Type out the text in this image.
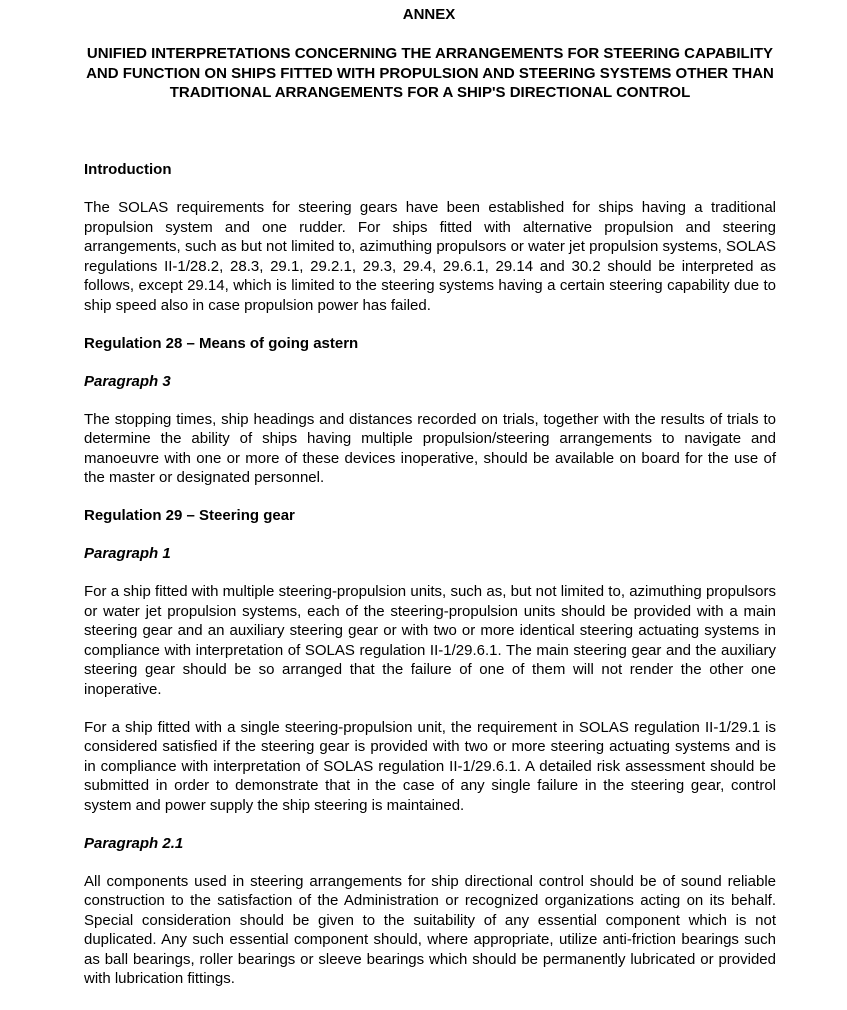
ANNEX

UNIFIED INTERPRETATIONS CONCERNING THE ARRANGEMENTS FOR STEERING CAPABILITY AND FUNCTION ON SHIPS FITTED WITH PROPULSION AND STEERING SYSTEMS OTHER THAN TRADITIONAL ARRANGEMENTS FOR A SHIP'S DIRECTIONAL CONTROL

Introduction

The SOLAS requirements for steering gears have been established for ships having a traditional propulsion system and one rudder. For ships fitted with alternative propulsion and steering arrangements, such as but not limited to, azimuthing propulsors or water jet propulsion systems, SOLAS regulations II-1/28.2, 28.3, 29.1, 29.2.1, 29.3, 29.4, 29.6.1, 29.14 and 30.2 should be interpreted as follows, except 29.14, which is limited to the steering systems having a certain steering capability due to ship speed also in case propulsion power has failed.

Regulation 28 – Means of going astern

Paragraph 3

The stopping times, ship headings and distances recorded on trials, together with the results of trials to determine the ability of ships having multiple propulsion/steering arrangements to navigate and manoeuvre with one or more of these devices inoperative, should be available on board for the use of the master or designated personnel.

Regulation 29 – Steering gear

Paragraph 1

For a ship fitted with multiple steering-propulsion units, such as, but not limited to, azimuthing propulsors or water jet propulsion systems, each of the steering-propulsion units should be provided with a main steering gear and an auxiliary steering gear or with two or more identical steering actuating systems in compliance with interpretation of SOLAS regulation II-1/29.6.1. The main steering gear and the auxiliary steering gear should be so arranged that the failure of one of them will not render the other one inoperative.

For a ship fitted with a single steering-propulsion unit, the requirement in SOLAS regulation II-1/29.1 is considered satisfied if the steering gear is provided with two or more steering actuating systems and is in compliance with interpretation of SOLAS regulation II-1/29.6.1. A detailed risk assessment should be submitted in order to demonstrate that in the case of any single failure in the steering gear, control system and power supply the ship steering is maintained.

Paragraph 2.1

All components used in steering arrangements for ship directional control should be of sound reliable construction to the satisfaction of the Administration or recognized organizations acting on its behalf. Special consideration should be given to the suitability of any essential component which is not duplicated. Any such essential component should, where appropriate, utilize anti-friction bearings such as ball bearings, roller bearings or sleeve bearings which should be permanently lubricated or provided with lubrication fittings.
